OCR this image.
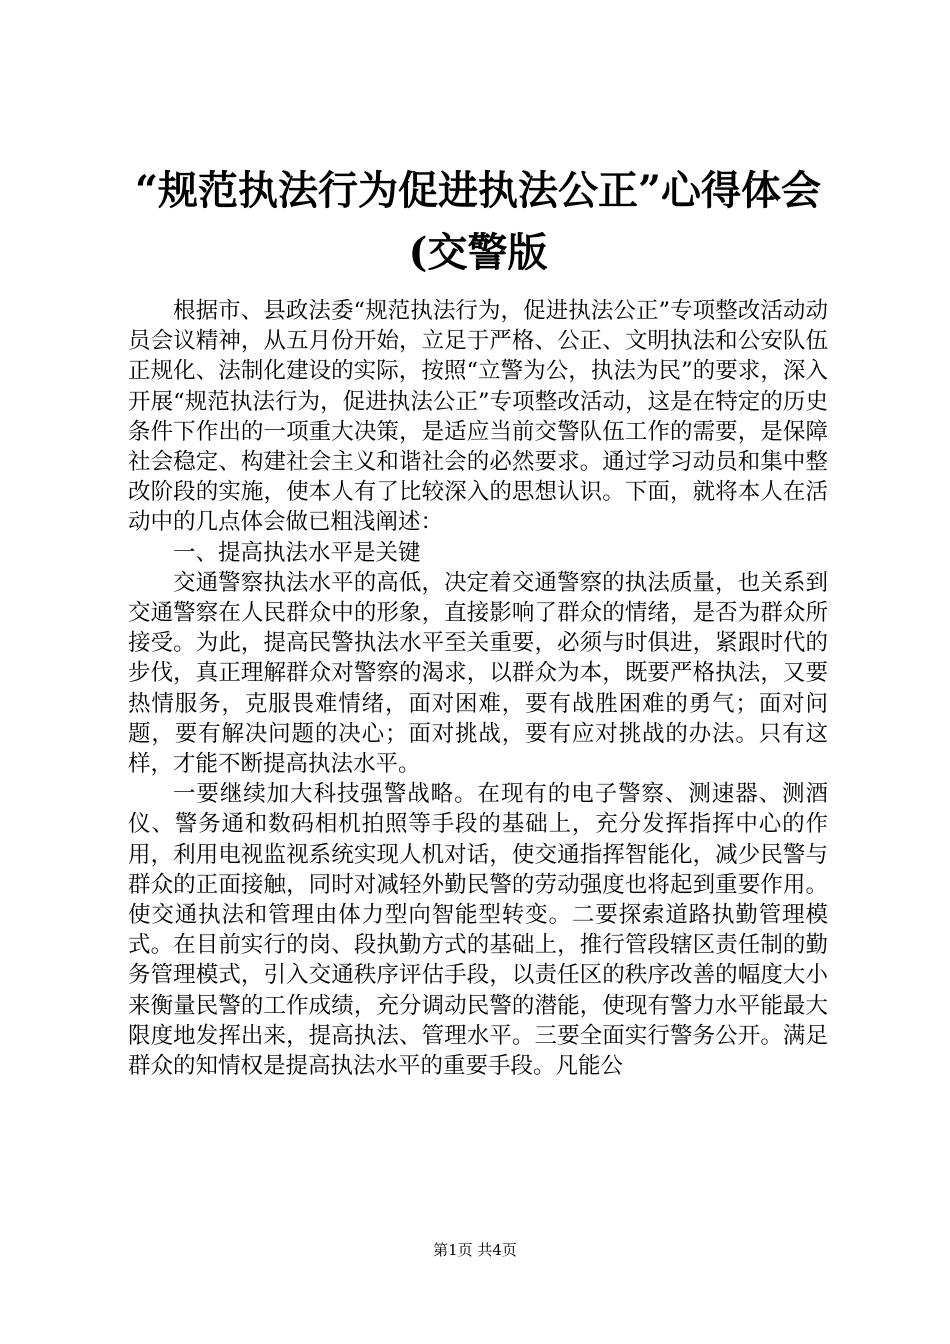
“规范执法行为促进执法公正”心得体会(交警版

根据市、县政法委“规范执法行为，促进执法公正”专项整改活动动员会议精神，从五月份开始，立足于严格、公正、文明执法和公安队伍正规化、法制化建设的实际，按照“立警为公，执法为民”的要求，深入开展“规范执法行为，促进执法公正”专项整改活动，这是在特定的历史条件下作出的一项重大决策，是适应当前交警队伍工作的需要，是保障社会稳定、构建社会主义和谐社会的必然要求。通过学习动员和集中整改阶段的实施，使本人有了比较深入的思想认识。下面，就将本人在活动中的几点体会做已粗浅阐述：

一、提高执法水平是关键

交通警察执法水平的高低，决定着交通警察的执法质量，也关系到交通警察在人民群众中的形象，直接影响了群众的情绪，是否为群众所接受。为此，提高民警执法水平至关重要，必须与时俱进，紧跟时代的步伐，真正理解群众对警察的渴求，以群众为本，既要严格执法，又要热情服务，克服畏难情绪，面对困难，要有战胜困难的勇气；面对问题，要有解决问题的决心；面对挑战，要有应对挑战的办法。只有这样，才能不断提高执法水平。

一要继续加大科技强警战略。在现有的电子警察、测速器、测酒仪、警务通和数码相机拍照等手段的基础上，充分发挥指挥中心的作用，利用电视监视系统实现人机对话，使交通指挥智能化，减少民警与群众的正面接触，同时对减轻外勤民警的劳动强度也将起到重要作用。使交通执法和管理由体力型向智能型转变。二要探索道路执勤管理模式。在目前实行的岗、段执勤方式的基础上，推行管段辖区责任制的勤务管理模式，引入交通秩序评估手段，以责任区的秩序改善的幅度大小来衡量民警的工作成绩，充分调动民警的潜能，使现有警力水平能最大限度地发挥出来，提高执法、管理水平。三要全面实行警务公开。满足群众的知情权是提高执法水平的重要手段。凡能公

第1页 共4页
